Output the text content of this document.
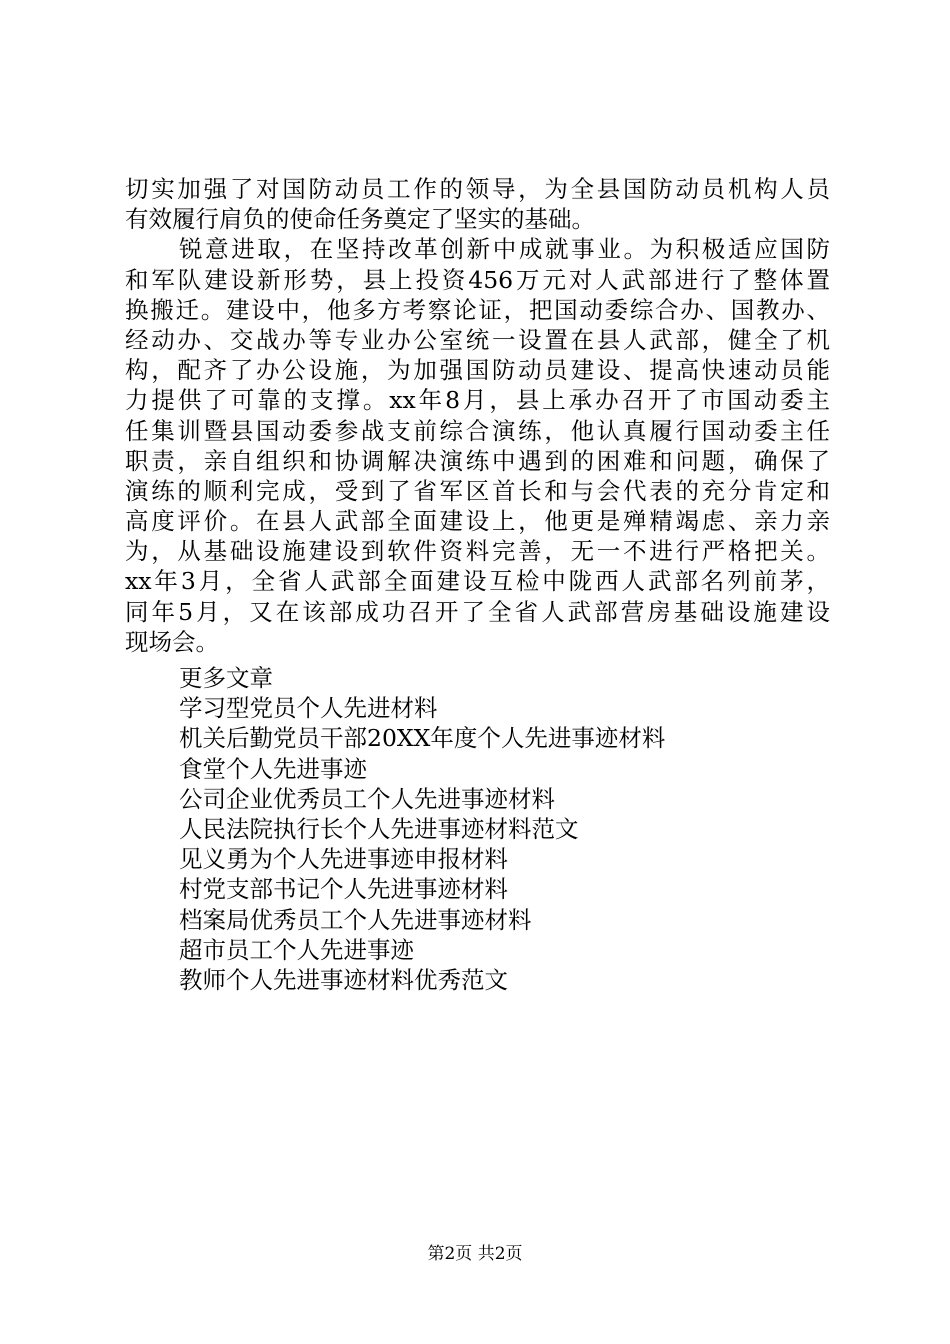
切实加强了对国防动员工作的领导，为全县国防动员机构人员
有效履行肩负的使命任务奠定了坚实的基础。
锐意进取，在坚持改革创新中成就事业。为积极适应国防
和军队建设新形势，县上投资456万元对人武部进行了整体置
换搬迁。建设中，他多方考察论证，把国动委综合办、国教办、
经动办、交战办等专业办公室统一设置在县人武部，健全了机
构，配齐了办公设施，为加强国防动员建设、提高快速动员能
力提供了可靠的支撑。xx年8月，县上承办召开了市国动委主
任集训暨县国动委参战支前综合演练，他认真履行国动委主任
职责，亲自组织和协调解决演练中遇到的困难和问题，确保了
演练的顺利完成，受到了省军区首长和与会代表的充分肯定和
高度评价。在县人武部全面建设上，他更是殚精竭虑、亲力亲
为，从基础设施建设到软件资料完善，无一不进行严格把关。
xx年3月，全省人武部全面建设互检中陇西人武部名列前茅，
同年5月，又在该部成功召开了全省人武部营房基础设施建设
现场会。
更多文章
学习型党员个人先进材料
机关后勤党员干部20XX年度个人先进事迹材料
食堂个人先进事迹
公司企业优秀员工个人先进事迹材料
人民法院执行长个人先进事迹材料范文
见义勇为个人先进事迹申报材料
村党支部书记个人先进事迹材料
档案局优秀员工个人先进事迹材料
超市员工个人先进事迹
教师个人先进事迹材料优秀范文
第2页 共2页
